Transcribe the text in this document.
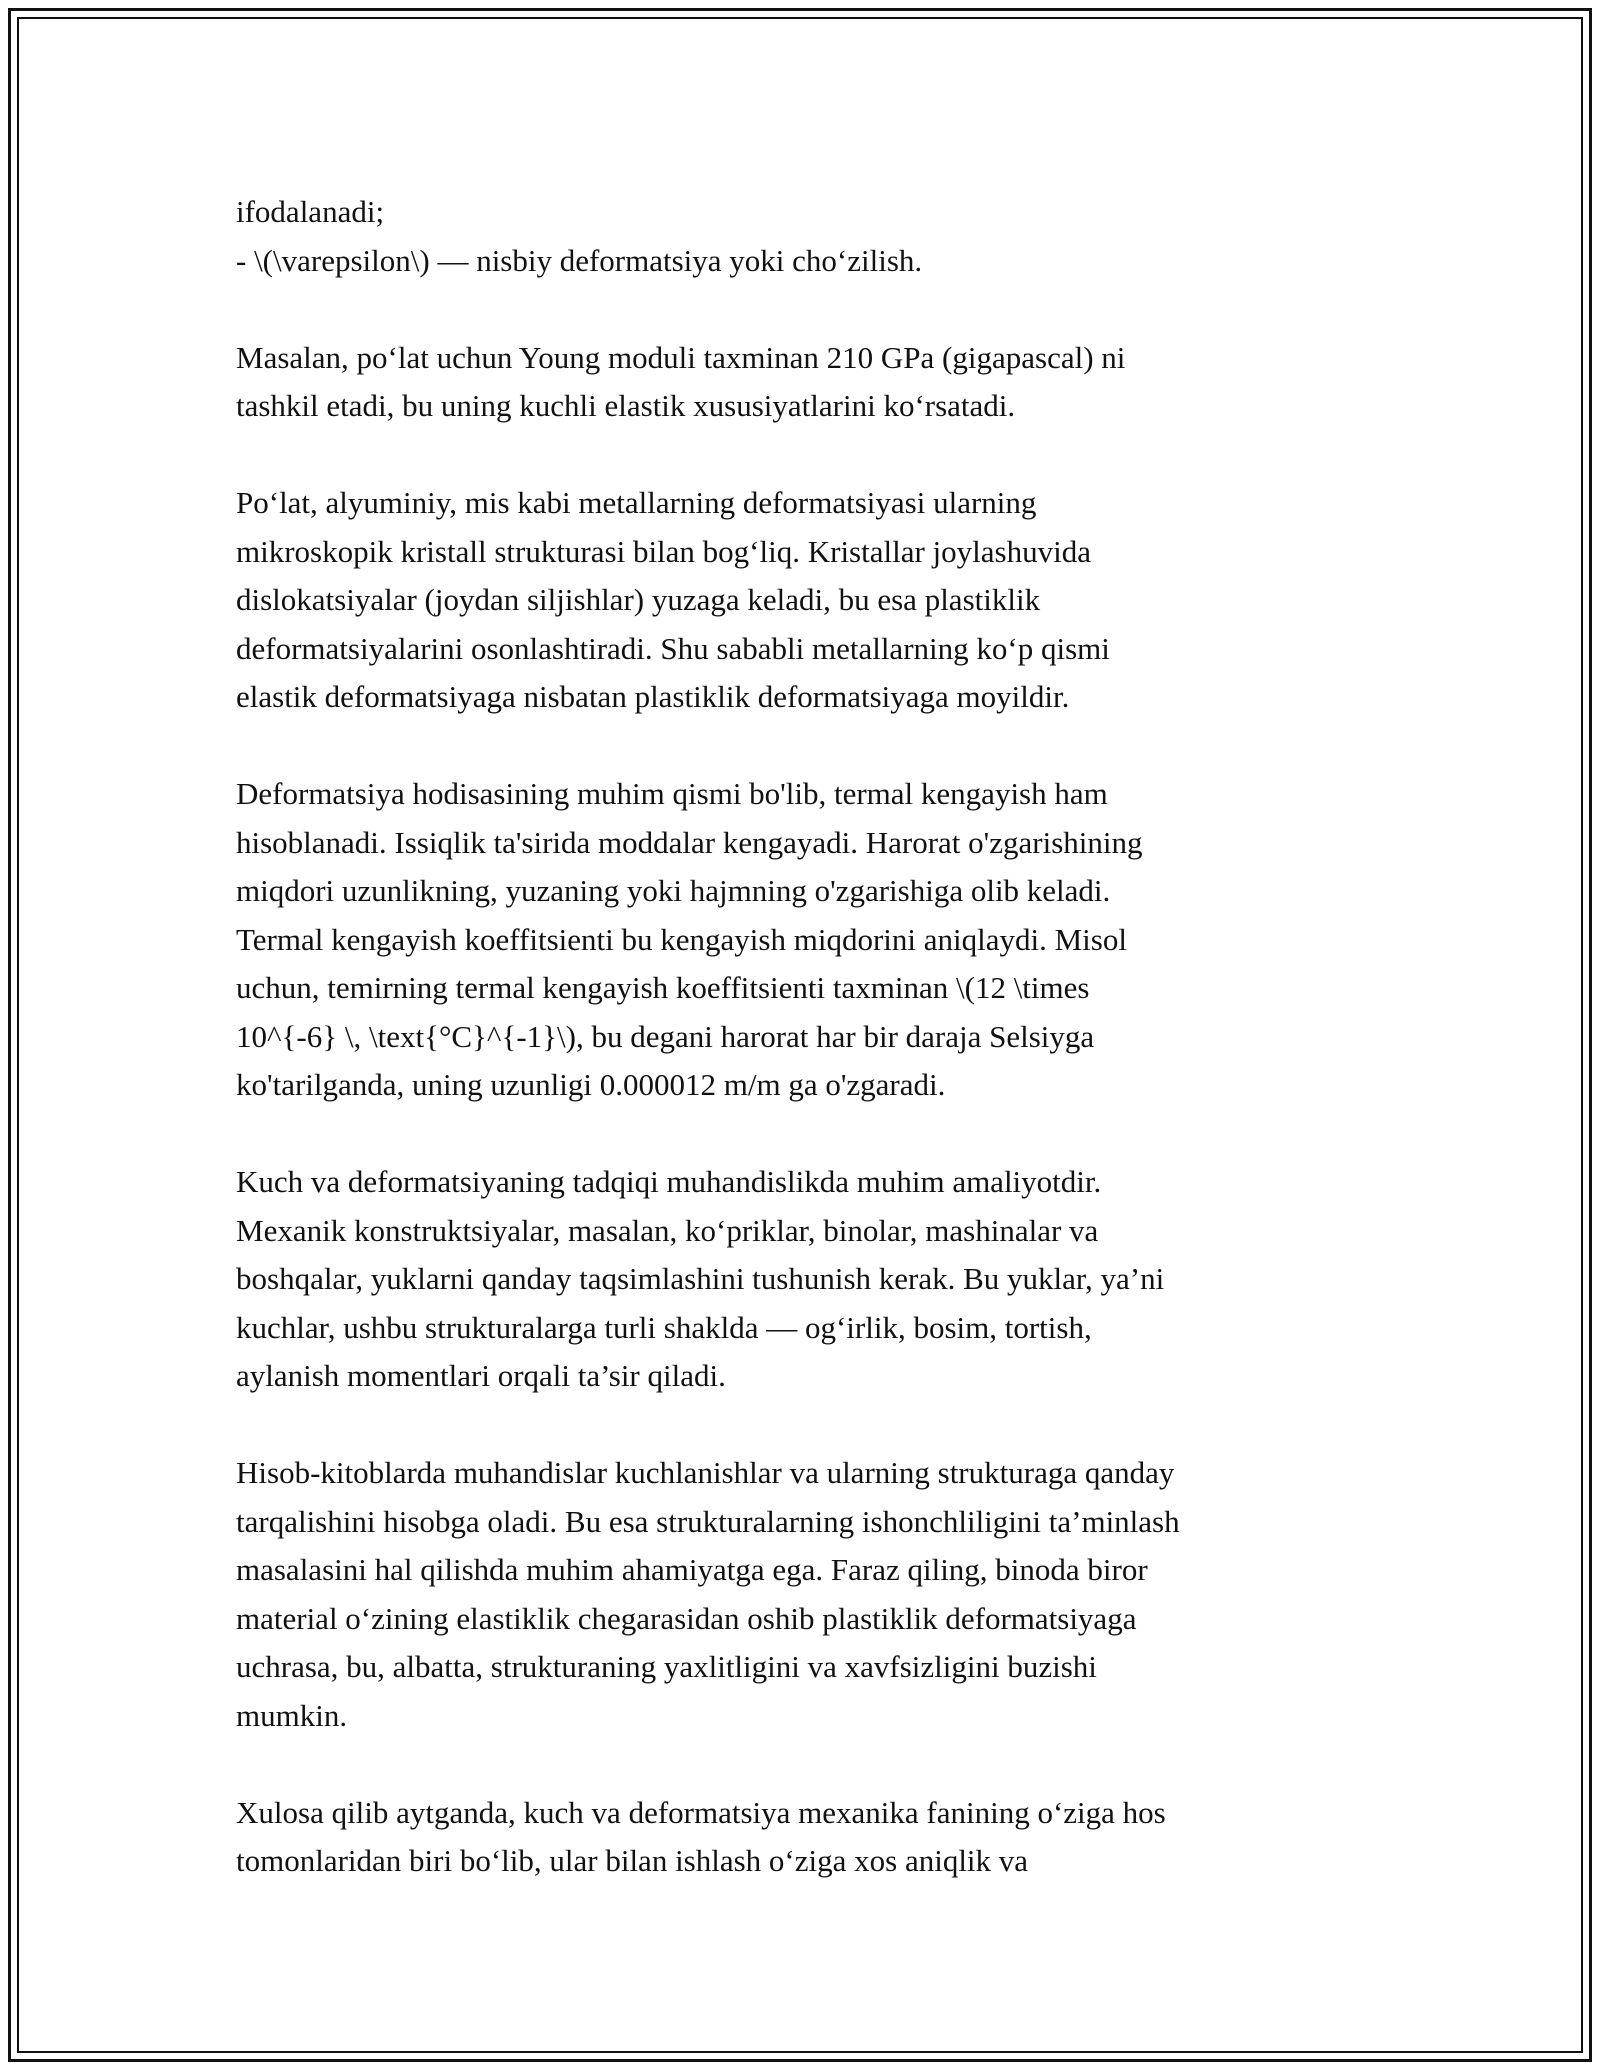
ifodalanadi;
- \(\varepsilon\) — nisbiy deformatsiya yoki cho‘zilish.
Masalan, po‘lat uchun Young moduli taxminan 210 GPa (gigapascal) ni
tashkil etadi, bu uning kuchli elastik xususiyatlarini ko‘rsatadi.
Po‘lat, alyuminiy, mis kabi metallarning deformatsiyasi ularning
mikroskopik kristall strukturasi bilan bog‘liq. Kristallar joylashuvida
dislokatsiyalar (joydan siljishlar) yuzaga keladi, bu esa plastiklik
deformatsiyalarini osonlashtiradi. Shu sababli metallarning ko‘p qismi
elastik deformatsiyaga nisbatan plastiklik deformatsiyaga moyildir.
Deformatsiya hodisasining muhim qismi bo'lib, termal kengayish ham
hisoblanadi. Issiqlik ta'sirida moddalar kengayadi. Harorat o'zgarishining
miqdori uzunlikning, yuzaning yoki hajmning o'zgarishiga olib keladi.
Termal kengayish koeffitsienti bu kengayish miqdorini aniqlaydi. Misol
uchun, temirning termal kengayish koeffitsienti taxminan \(12 \times
10^{-6} \, \text{°C}^{-1}\), bu degani harorat har bir daraja Selsiyga
ko'tarilganda, uning uzunligi 0.000012 m/m ga o'zgaradi.
Kuch va deformatsiyaning tadqiqi muhandislikda muhim amaliyotdir.
Mexanik konstruktsiyalar, masalan, ko‘priklar, binolar, mashinalar va
boshqalar, yuklarni qanday taqsimlashini tushunish kerak. Bu yuklar, ya’ni
kuchlar, ushbu strukturalarga turli shaklda — og‘irlik, bosim, tortish,
aylanish momentlari orqali ta’sir qiladi.
Hisob-kitoblarda muhandislar kuchlanishlar va ularning strukturaga qanday
tarqalishini hisobga oladi. Bu esa strukturalarning ishonchliligini ta’minlash
masalasini hal qilishda muhim ahamiyatga ega. Faraz qiling, binoda biror
material o‘zining elastiklik chegarasidan oshib plastiklik deformatsiyaga
uchrasa, bu, albatta, strukturaning yaxlitligini va xavfsizligini buzishi
mumkin.
Xulosa qilib aytganda, kuch va deformatsiya mexanika fanining o‘ziga hos
tomonlaridan biri bo‘lib, ular bilan ishlash o‘ziga xos aniqlik va
